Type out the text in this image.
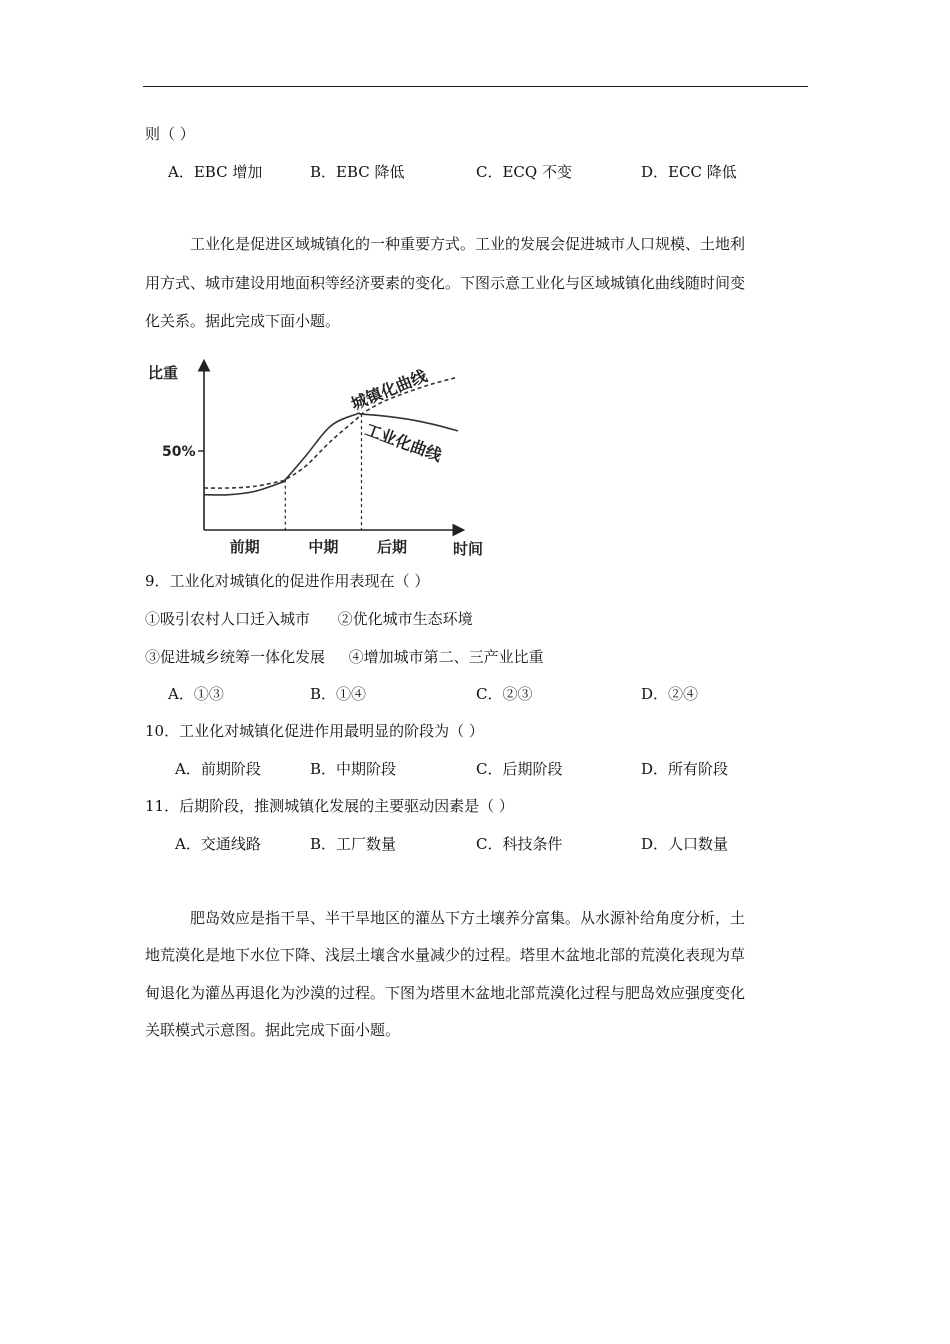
则（ ）
A．EBC 增加	B．EBC 降低	C．ECQ 不变	D．ECC 降低
工业化是促进区域城镇化的一种重要方式。工业的发展会促进城市人口规模、土地利
用方式、城市建设用地面积等经济要素的变化。下图示意工业化与区域城镇化曲线随时间变
化关系。据此完成下面小题。
比重
50%
前期	中期	后期	时间
城镇化曲线
工业化曲线
9．工业化对城镇化的促进作用表现在（ ）
①吸引农村人口迁入城市 ②优化城市生态环境
③促进城乡统筹一体化发展 ④增加城市第二、三产业比重
A．①③	B．①④	C．②③	D．②④
10．工业化对城镇化促进作用最明显的阶段为（ ）
A．前期阶段	B．中期阶段	C．后期阶段	D．所有阶段
11．后期阶段，推测城镇化发展的主要驱动因素是（ ）
A．交通线路	B．工厂数量	C．科技条件	D．人口数量
肥岛效应是指干旱、半干旱地区的灌丛下方土壤养分富集。从水源补给角度分析，土
地荒漠化是地下水位下降、浅层土壤含水量减少的过程。塔里木盆地北部的荒漠化表现为草
甸退化为灌丛再退化为沙漠的过程。下图为塔里木盆地北部荒漠化过程与肥岛效应强度变化
关联模式示意图。据此完成下面小题。
